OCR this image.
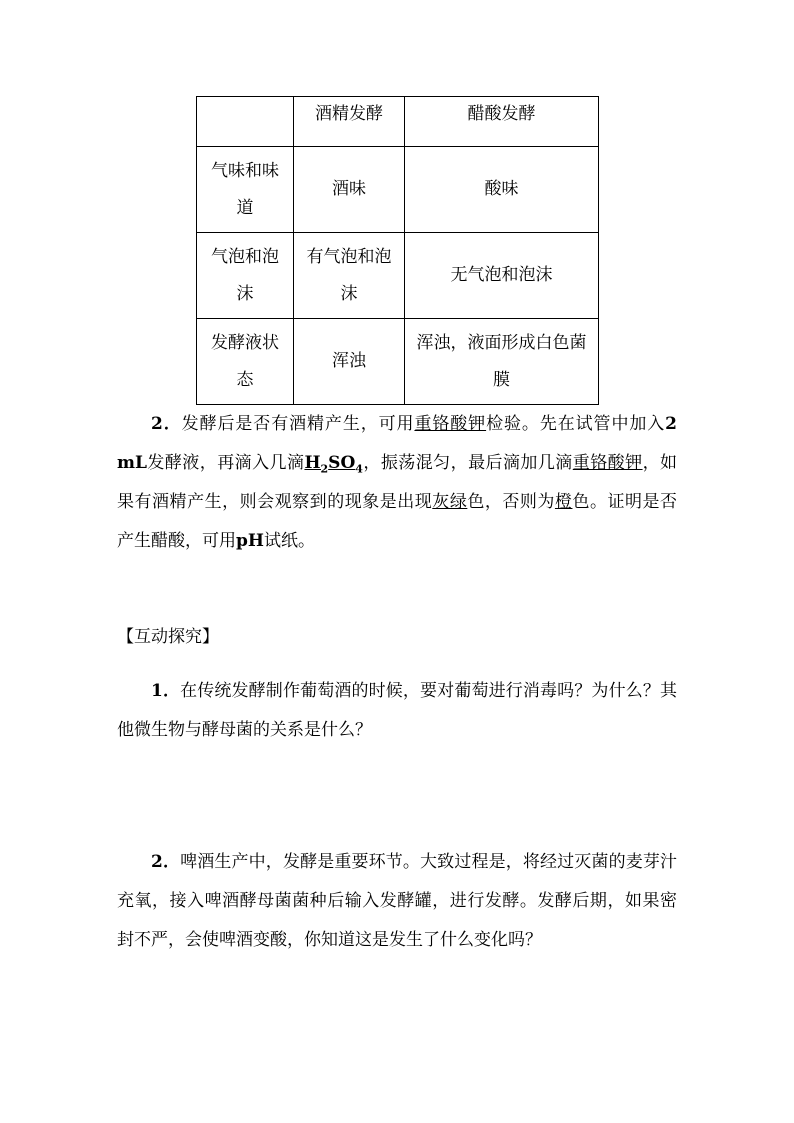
	酒精发酵	醋酸发酵
气味和味道	酒味	酸味
气泡和泡沫	有气泡和泡沫	无气泡和泡沫
发酵液状态	浑浊	浑浊，液面形成白色菌膜

2．发酵后是否有酒精产生，可用重铬酸钾检验。先在试管中加入2 mL发酵液，再滴入几滴$H_2SO_4$，振荡混匀，最后滴加几滴重铬酸钾，如果有酒精产生，则会观察到的现象是出现灰绿色，否则为橙色。证明是否产生醋酸，可用pH试纸。

【互动探究】

1．在传统发酵制作葡萄酒的时候，要对葡萄进行消毒吗？为什么？其他微生物与酵母菌的关系是什么？

2．啤酒生产中，发酵是重要环节。大致过程是，将经过灭菌的麦芽汁充氧，接入啤酒酵母菌菌种后输入发酵罐，进行发酵。发酵后期，如果密封不严，会使啤酒变酸，你知道这是发生了什么变化吗？
